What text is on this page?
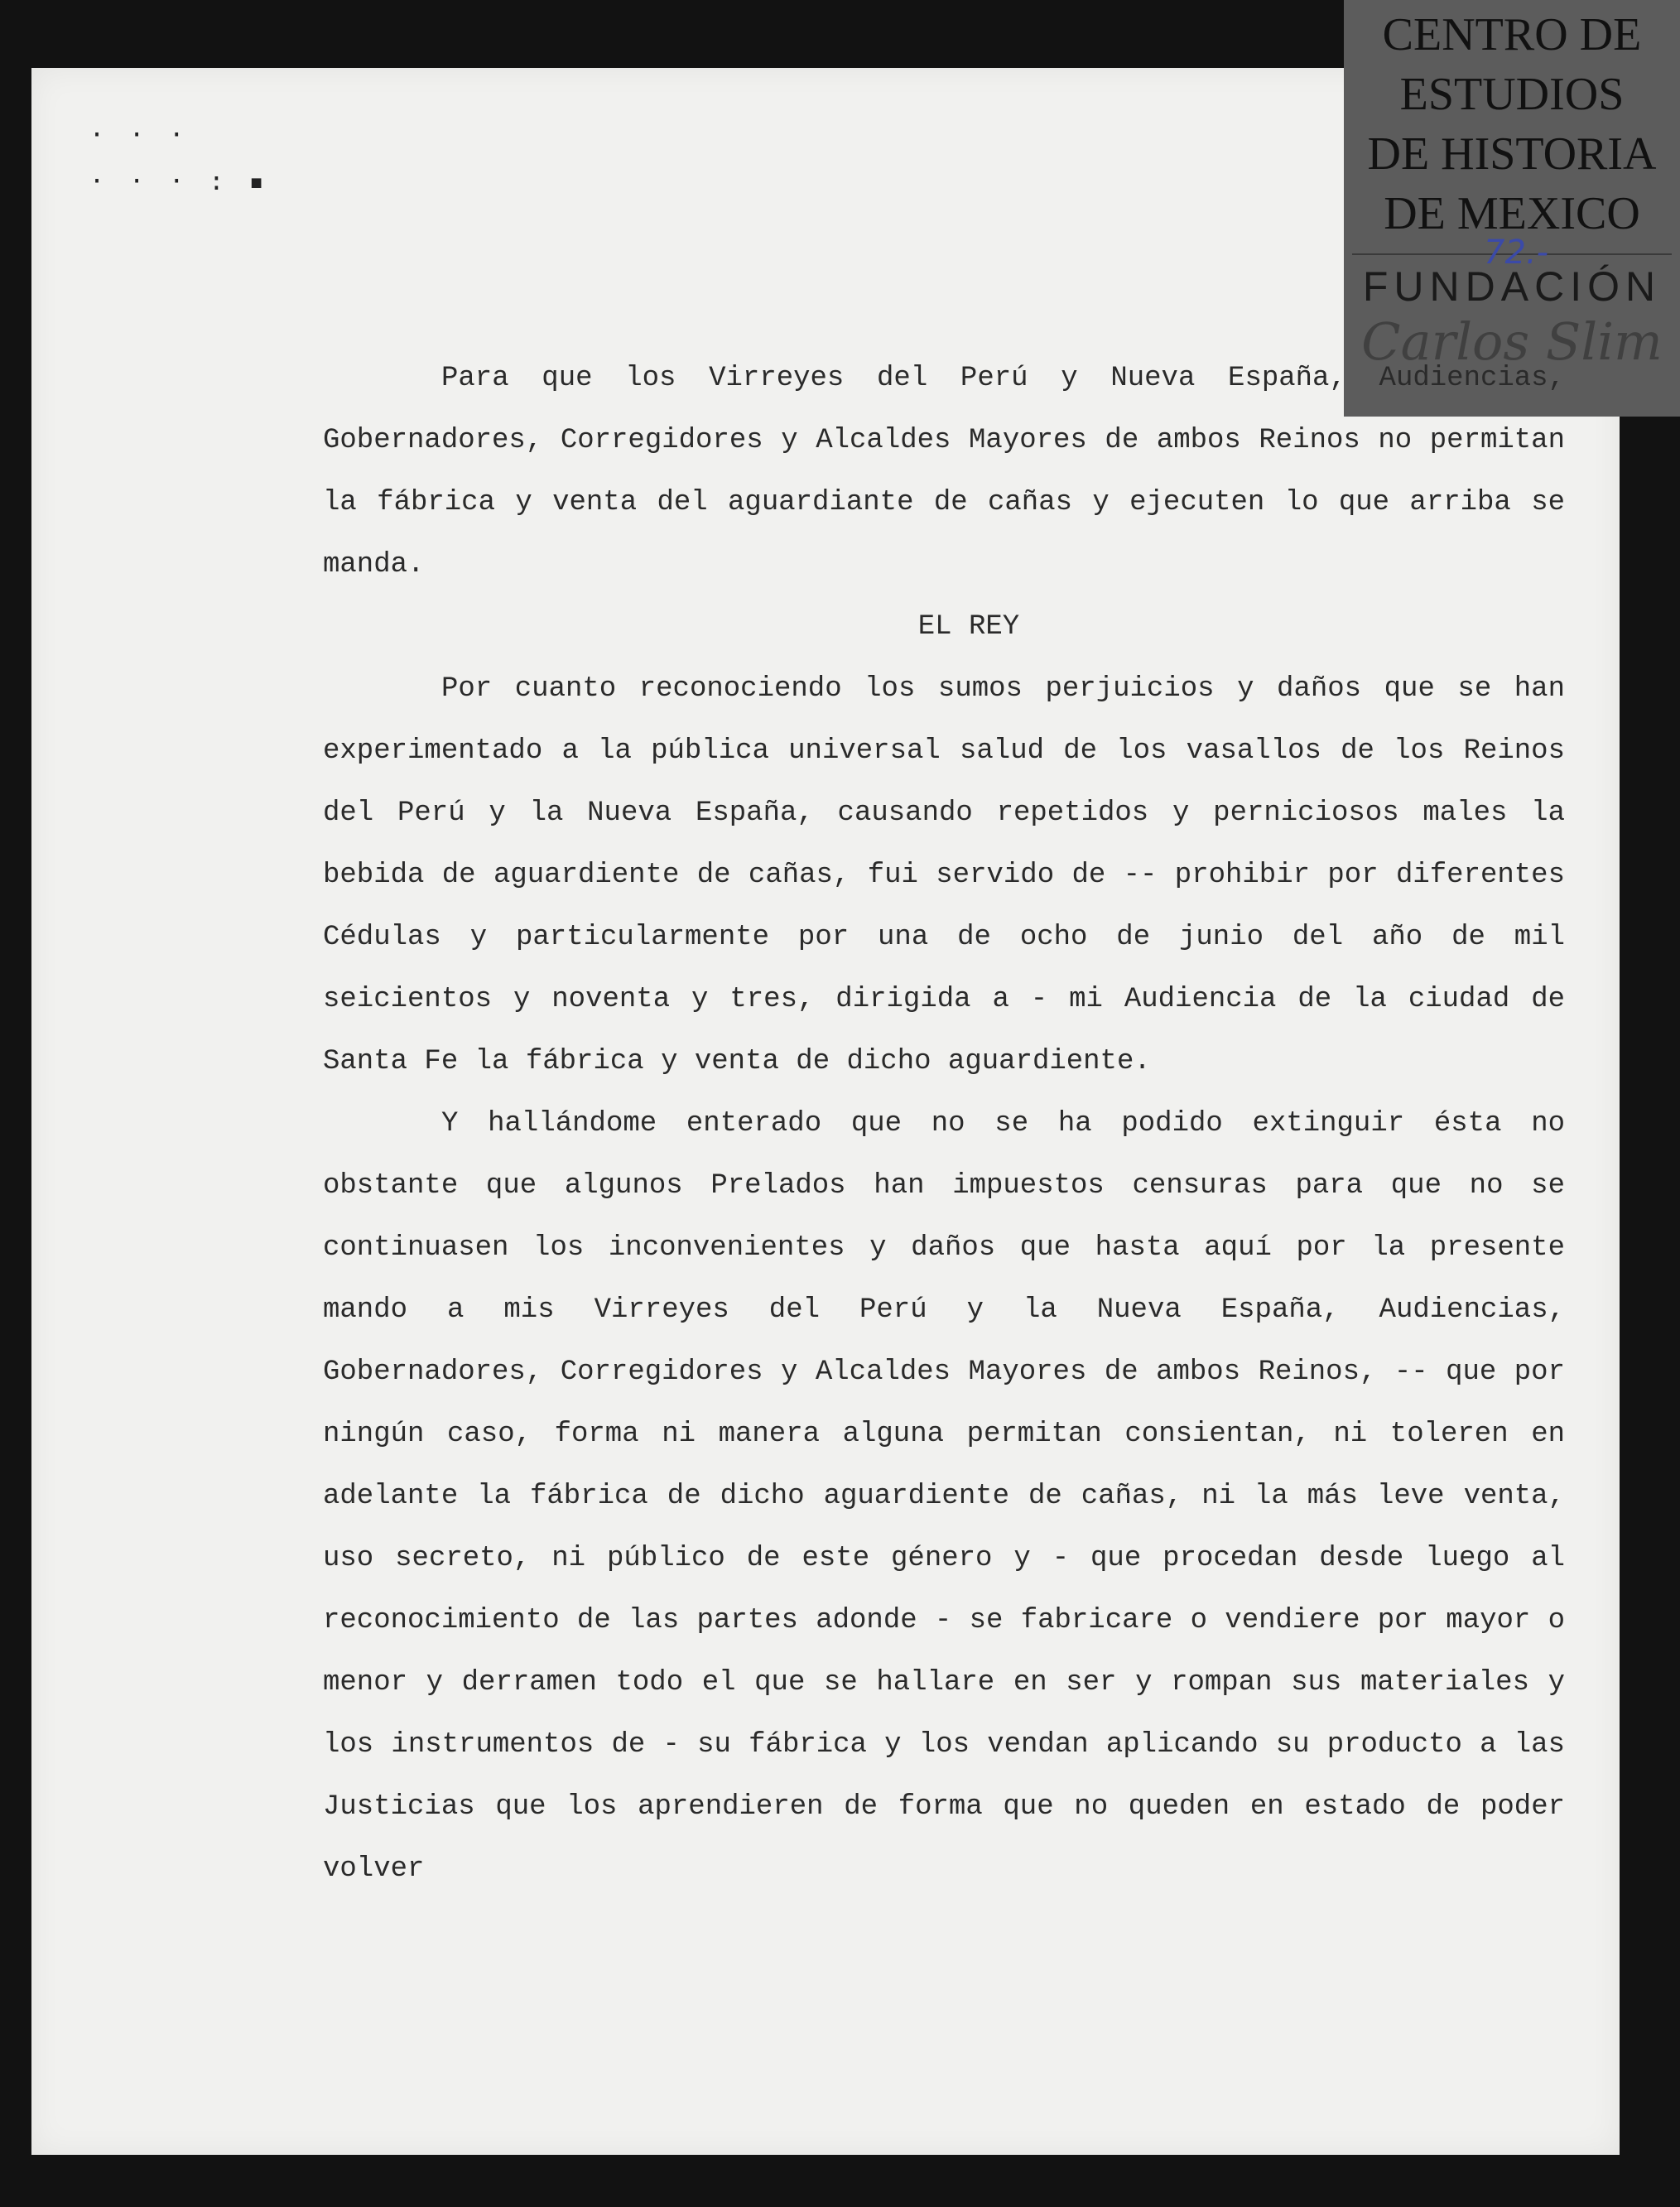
CENTRO DE
ESTUDIOS
DE HISTORIA
DE MEXICO
FUNDACIÓN
Carlos Slim
72.-
· · ·
· · · : ▪

Para que los Virreyes del Perú y Nueva España, Audiencias, Gobernadores, Corregidores y Alcaldes Mayores de ambos Reinos no permitan la fábrica y venta del aguardiante de cañas y ejecuten lo que arriba se manda.

EL REY

Por cuanto reconociendo los sumos perjuicios y daños que se han experimentado a la pública universal salud de los vasallos de los Reinos del Perú y la Nueva España, causando repetidos y perniciosos males la bebida de aguardiente de cañas, fui servido de -- prohibir por diferentes Cédulas y particularmente por una de ocho de junio del año de mil seicientos y noventa y tres, dirigida a - mi Audiencia de la ciudad de Santa Fe la fábrica y venta de dicho aguardiente.

Y hallándome enterado que no se ha podido extinguir ésta no obstante que algunos Prelados han impuestos censuras para que no se continuasen los inconvenientes y daños que hasta aquí por la presente mando a mis Virreyes del Perú y la Nueva España, Audiencias, Gobernadores, Corregidores y Alcaldes Mayores de ambos Reinos, -- que por ningún caso, forma ni manera alguna permitan consientan, ni toleren en adelante la fábrica de dicho aguardiente de cañas, ni la más leve venta, uso secreto, ni público de este género y - que procedan desde luego al reconocimiento de las partes adonde - se fabricare o vendiere por mayor o menor y derramen todo el que se hallare en ser y rompan sus materiales y los instrumentos de - su fábrica y los vendan aplicando su producto a las Justicias que los aprendieren de forma que no queden en estado de poder volver
